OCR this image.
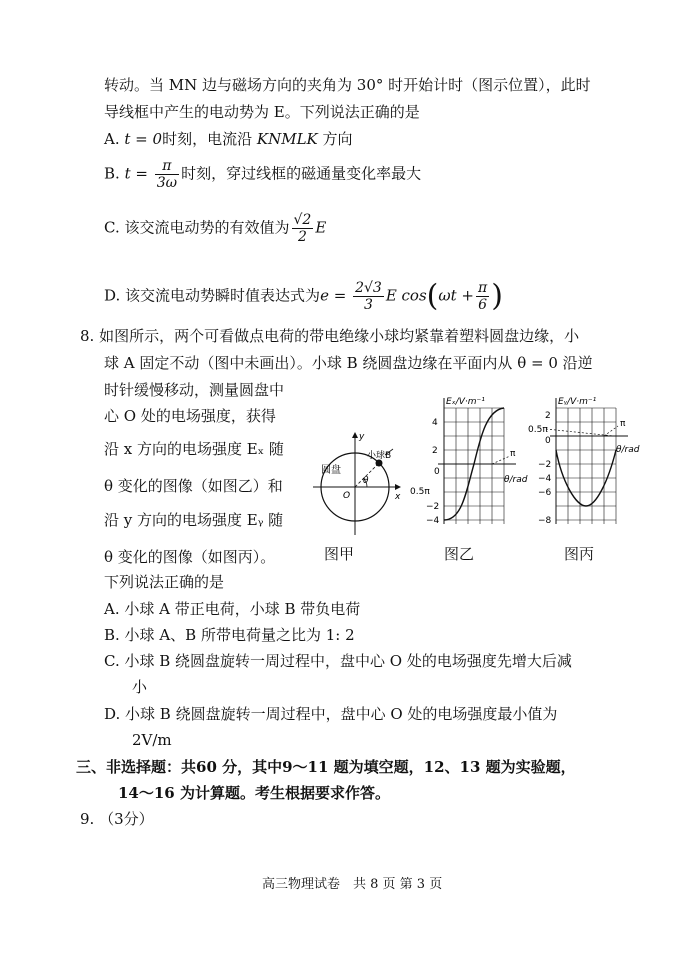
转动。当 MN 边与磁场方向的夹角为 30° 时开始计时（图示位置），此时
导线框中产生的电动势为 E。下列说法正确的是
A. t = 0时刻，电流沿 KNMLK 方向
B. $t = \frac{\pi}{3\omega}$ 时刻，穿过线框的磁通量变化率最大
C. 该交流电动势的有效值为 $\frac{√2}{2}$ E
D. 该交流电动势瞬时值表达式为$e = \frac{2√3}{3}$ E $\cos(\omega t + \frac{\pi}{6}$ )
8. 如图所示，两个可看做点电荷的带电绝缘小球均紧靠着塑料圆盘边缘，小
球 A 固定不动（图中未画出）。小球 B 绕圆盘边缘在平面内从 θ = 0 沿逆
时针缓慢移动，测量圆盘中
心 O 处的电场强度，获得
沿 x 方向的电场强度 Eₓ 随
θ 变化的图像（如图乙）和
沿 y 方向的电场强度 Eᵧ 随
θ 变化的图像（如图丙）。
下列说法正确的是
圆盘
小球B
θ
O	x
y
图甲
Eₓ/V·m⁻¹
θ/rad
π
0.5π
4
2
0
−2
−4
图乙
Eᵧ/V·m⁻¹
θ/rad
π
0.5π
2
0
−2
−4
−6
−8
图丙
A. 小球 A 带正电荷，小球 B 带负电荷
B. 小球 A、B 所带电荷量之比为 1: 2
C. 小球 B 绕圆盘旋转一周过程中，盘中心 O 处的电场强度先增大后减
小
D. 小球 B 绕圆盘旋转一周过程中，盘中心 O 处的电场强度最小值为
2V/m
三、非选择题：共60 分，其中9～11 题为填空题，12、13 题为实验题，
14～16 为计算题。考生根据要求作答。
9. （3分）
高三物理试卷　共 8 页 第 3 页
